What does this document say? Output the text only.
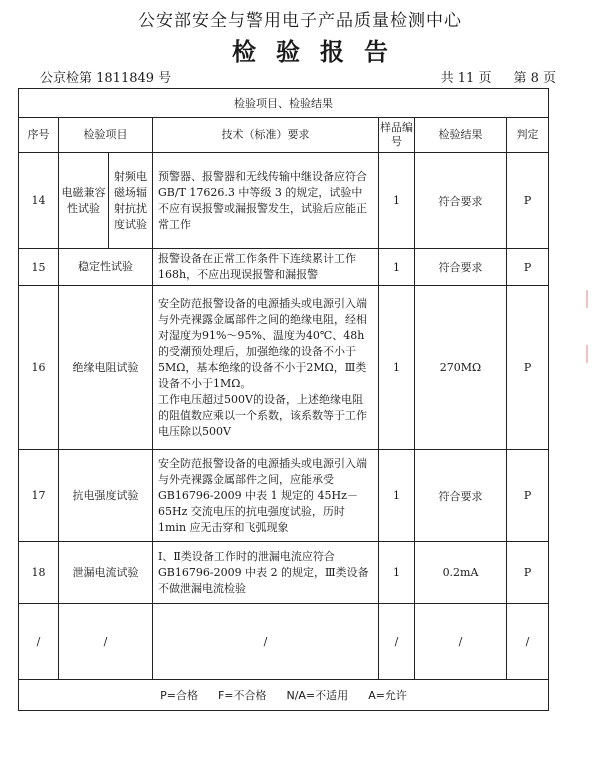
公安部安全与警用电子产品质量检测中心
检验报告
公京检第 1811849 号	共 11 页 第 8 页
检验项目、检验结果						
序号	检验项目		技术（标准）要求	样品编号	检验结果	判定
14	电磁兼容性试验	射频电磁场辐射抗扰度试验	预警器、报警器和无线传输中继设备应符合 GB/T 17626.3 中等级 3 的规定，试验中不应有误报警或漏报警发生，试验后应能正常工作	1	符合要求	P
15	稳定性试验		报警设备在正常工作条件下连续累计工作 168h，不应出现误报警和漏报警	1	符合要求	P
16	绝缘电阻试验		安全防范报警设备的电源插头或电源引入端与外壳裸露金属部件之间的绝缘电阻，经相对湿度为91%～95%、温度为40℃、48h的受潮预处理后，加强绝缘的设备不小于5MΩ，基本绝缘的设备不小于2MΩ，Ⅲ类设备不小于1MΩ。

工作电压超过500V的设备，上述绝缘电阻的阻值数应乘以一个系数，该系数等于工作电压除以500V	1	270MΩ	P
17	抗电强度试验		安全防范报警设备的电源插头或电源引入端与外壳裸露金属部件之间，应能承受GB16796-2009 中表 1 规定的 45Hz－65Hz 交流电压的抗电强度试验，历时 1min 应无击穿和飞弧现象	1	符合要求	P
18	泄漏电流试验		Ⅰ、Ⅱ类设备工作时的泄漏电流应符合GB16796-2009 中表 2 的规定，Ⅲ类设备不做泄漏电流检验	1	0.2mA	P
/	/		/	/	/	/
P=合格 F=不合格 N/A=不适用 A=允许						
